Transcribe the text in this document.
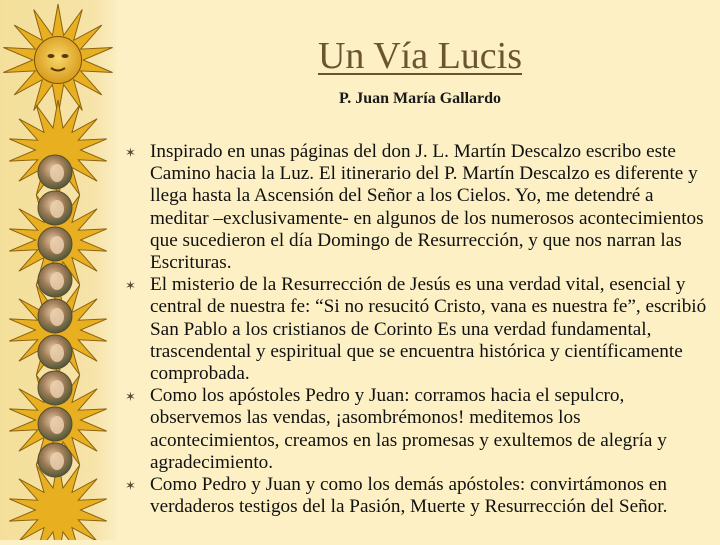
Un Vía Lucis
P. Juan María Gallardo
✶ Inspirado en unas páginas del don J. L. Martín Descalzo escribo este Camino hacia la Luz. El itinerario del P. Martín Descalzo es diferente y llega hasta la Ascensión del Señor a los Cielos. Yo, me detendré a meditar –exclusivamente- en algunos de los numerosos acontecimientos que sucedieron el día Domingo de Resurrección, y que nos narran las Escrituras.
✶ El misterio de la Resurrección de Jesús es una verdad vital, esencial y central de nuestra fe: “Si no resucitó Cristo, vana es nuestra fe”, escribió San Pablo a los cristianos de Corinto Es una verdad fundamental, trascendental y espiritual que se encuentra histórica y científicamente comprobada.
✶ Como los apóstoles Pedro y Juan: corramos hacia el sepulcro, observemos las vendas, ¡asombrémonos! meditemos los acontecimientos, creamos en las promesas y exultemos de alegría y agradecimiento.
✶ Como Pedro y Juan y como los demás apóstoles: convirtámonos en verdaderos testigos del la Pasión, Muerte y Resurrección del Señor.
